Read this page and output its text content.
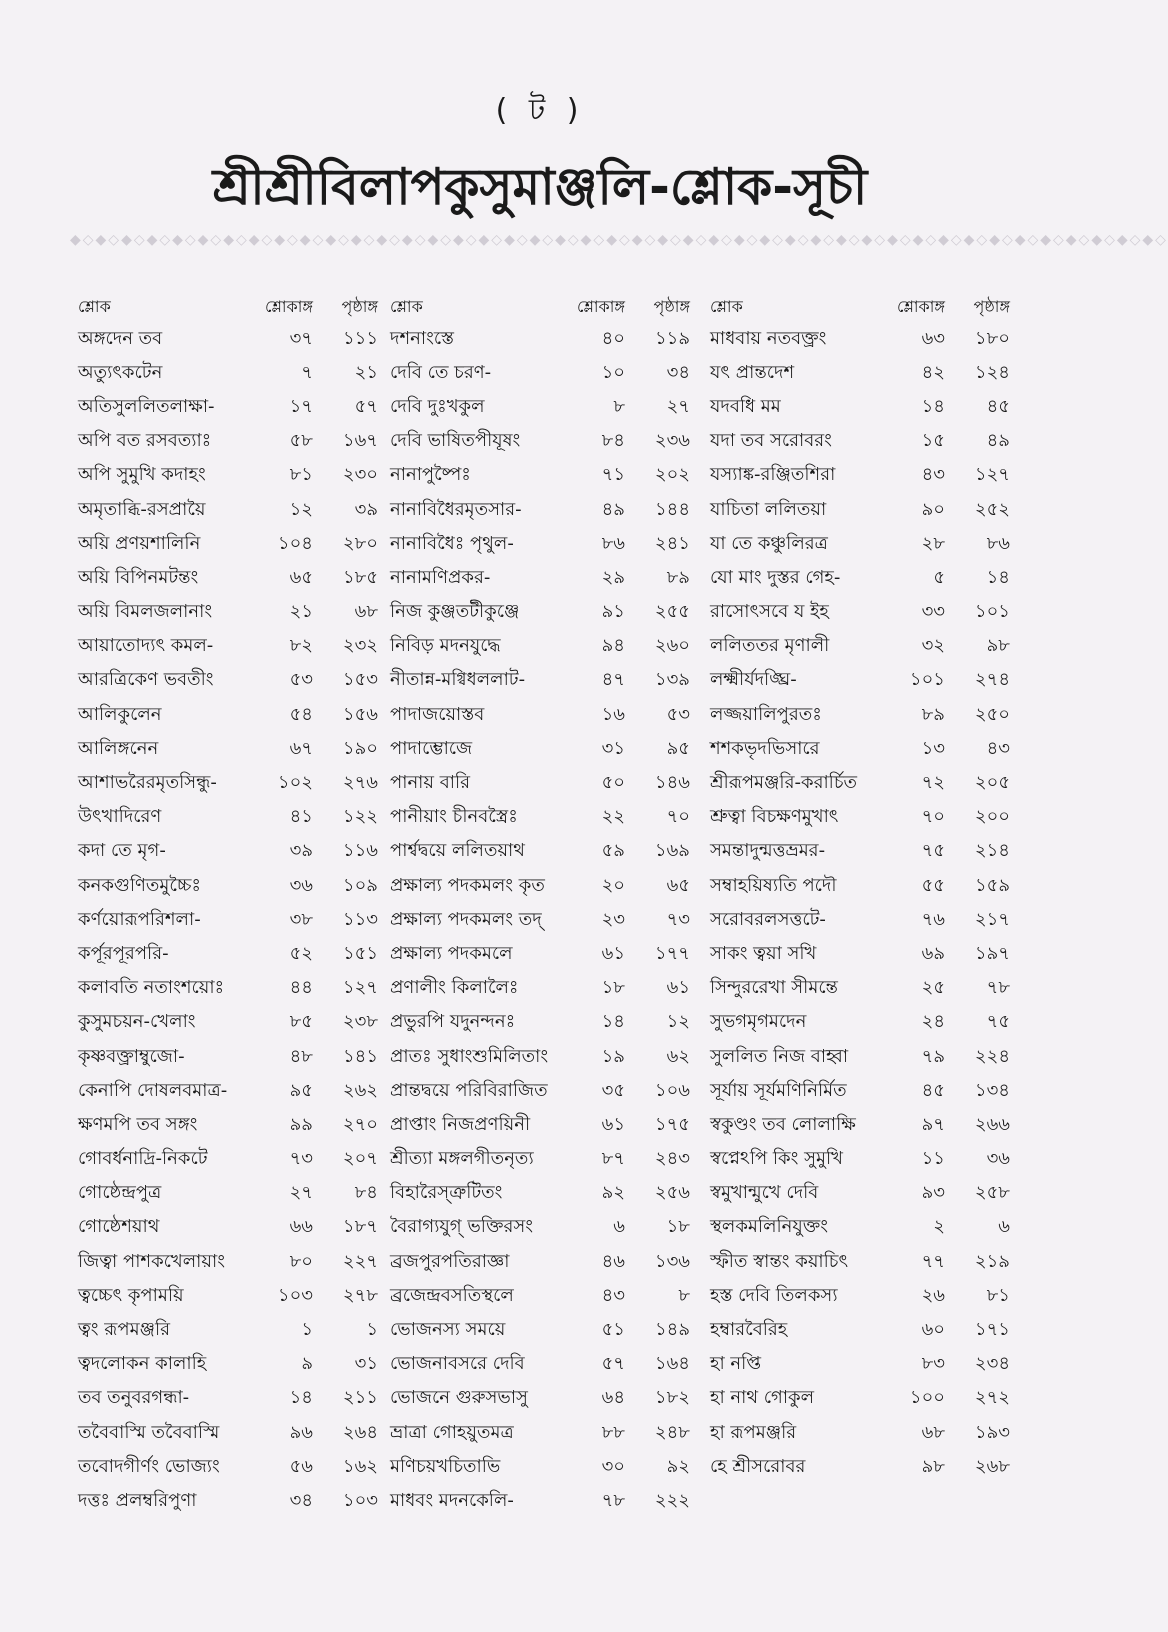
( ট )
শ্রীশ্রীবিলাপকুসুমাঞ্জলি-শ্লোক-সূচী
◆◇◆◇◆◇◆◇◆◇◆◇◆◇◆◇◆◇◆◇◆◇◆◇◆◇◆◇◆◇◆◇◆◇◆◇◆◇◆◇◆◇◆◇◆◇◆◇◆◇◆◇◆◇◆◇◆◇◆◇◆◇◆◇◆◇◆◇◆◇◆◇◆◇◆◇◆◇◆◇◆◇◆◇◆◇
শ্লোক	শ্লোকাঙ্গ	পৃষ্ঠাঙ্গ
অঙ্গদেন তব	৩৭	১১১
অত্যুৎকটেন	৭	২১
অতিসুললিতলাক্ষা-	১৭	৫৭
অপি বত রসবত্যাঃ	৫৮	১৬৭
অপি সুমুখি কদাহং	৮১	২৩০
অমৃতাব্ধি-রসপ্রায়ৈ	১২	৩৯
অয়ি প্রণয়শালিনি	১০৪	২৮০
অয়ি বিপিনমটন্তং	৬৫	১৮৫
অয়ি বিমলজলানাং	২১	৬৮
আয়াতোদ্যৎ কমল-	৮২	২৩২
আরত্রিকেণ ভবতীং	৫৩	১৫৩
আলিকুলেন	৫৪	১৫৬
আলিঙ্গনেন	৬৭	১৯০
আশাভরৈরমৃতসিন্ধু-	১০২	২৭৬
উৎখাদিরেণ	৪১	১২২
কদা তে মৃগ-	৩৯	১১৬
কনকগুণিতমুচ্চৈঃ	৩৬	১০৯
কর্ণয়োরূপরিশলা-	৩৮	১১৩
কর্পূরপূরপরি-	৫২	১৫১
কলাবতি নতাংশয়োঃ	৪৪	১২৭
কুসুমচয়ন-খেলাং	৮৫	২৩৮
কৃষ্ণবক্ত্রাম্বুজো-	৪৮	১৪১
কেনাপি দোষলবমাত্র-	৯৫	২৬২
ক্ষণমপি তব সঙ্গং	৯৯	২৭০
গোবর্ধনাদ্রি-নিকটে	৭৩	২০৭
গোষ্ঠেন্দ্রপুত্র	২৭	৮৪
গোষ্ঠেশয়াথ	৬৬	১৮৭
জিত্বা পাশকখেলায়াং	৮০	২২৭
ত্বচ্চেৎ কৃপাময়ি	১০৩	২৭৮
ত্বং রূপমঞ্জরি	১	১
ত্বদলোকন কালাহি	৯	৩১
তব তনুবরগন্ধা-	১৪	২১১
তবৈবাস্মি তবৈবাস্মি	৯৬	২৬৪
তবোদগীর্ণং ভোজ্যং	৫৬	১৬২
দত্তঃ প্রলম্বরিপুণা	৩৪	১০৩
শ্লোক	শ্লোকাঙ্গ	পৃষ্ঠাঙ্গ
দশনাংস্তে	৪০	১১৯
দেবি তে চরণ-	১০	৩৪
দেবি দুঃখকুল	৮	২৭
দেবি ভাষিতপীযূষং	৮৪	২৩৬
নানাপুষ্পৈঃ	৭১	২০২
নানাবিধৈরমৃতসার-	৪৯	১৪৪
নানাবিধৈঃ পৃথুল-	৮৬	২৪১
নানামণিপ্রকর-	২৯	৮৯
নিজ কুঞ্জতটীকুঞ্জে	৯১	২৫৫
নিবিড় মদনযুদ্ধে	৯৪	২৬০
নীতান্ন-মগ্বিধললাট-	৪৭	১৩৯
পাদাজয়োস্তব	১৬	৫৩
পাদাম্ভোজে	৩১	৯৫
পানায় বারি	৫০	১৪৬
পানীয়াং চীনবস্ত্রৈঃ	২২	৭০
পার্শ্বদ্বয়ে ললিতয়াথ	৫৯	১৬৯
প্রক্ষাল্য পদকমলং কৃত	২০	৬৫
প্রক্ষাল্য পদকমলং তদ্	২৩	৭৩
প্রক্ষাল্য পদকমলে	৬১	১৭৭
প্রণালীং কিলালৈঃ	১৮	৬১
প্রভুরপি যদুনন্দনঃ	১৪	১২
প্রাতঃ সুধাংশুমিলিতাং	১৯	৬২
প্রান্তদ্বয়ে পরিবিরাজিত	৩৫	১০৬
প্রাপ্তাং নিজপ্রণয়িনী	৬১	১৭৫
শ্রীত্যা মঙ্গলগীতনৃত্য	৮৭	২৪৩
বিহারৈস্ত্রুটিতং	৯২	২৫৬
বৈরাগ্যযুগ্ ভক্তিরসং	৬	১৮
ব্রজপুরপতিরাজ্ঞা	৪৬	১৩৬
ব্রজেন্দ্রবসতিস্থলে	৪৩	৮
ভোজনস্য সময়ে	৫১	১৪৯
ভোজনাবসরে দেবি	৫৭	১৬৪
ভোজনে গুরুসভাসু	৬৪	১৮২
ভ্রাত্রা গোহয়ুতমত্র	৮৮	২৪৮
মণিচয়খচিতাভি	৩০	৯২
মাধবং মদনকেলি-	৭৮	২২২
শ্লোক	শ্লোকাঙ্গ	পৃষ্ঠাঙ্গ
মাধবায় নতবক্ত্রং	৬৩	১৮০
যৎ প্রান্তদেশ	৪২	১২৪
যদবধি মম	১৪	৪৫
যদা তব সরোবরং	১৫	৪৯
যস্যাঙ্ক-রঞ্জিতশিরা	৪৩	১২৭
যাচিতা ললিতয়া	৯০	২৫২
যা তে কঞ্চুলিরত্র	২৮	৮৬
যো মাং দুস্তর গেহ-	৫	১৪
রাসোৎসবে য ইহ	৩৩	১০১
ললিততর মৃণালী	৩২	৯৮
লক্ষ্মীর্যদঙ্ঘ্রি-	১০১	২৭৪
লজ্জয়ালিপুরতঃ	৮৯	২৫০
শশকভৃদভিসারে	১৩	৪৩
শ্রীরূপমঞ্জরি-করার্চিত	৭২	২০৫
শ্রুত্বা বিচক্ষণমুখাৎ	৭০	২০০
সমন্তাদুন্মত্তভ্রমর-	৭৫	২১৪
সম্বাহয়িষ্যতি পদৌ	৫৫	১৫৯
সরোবরলসত্তটে-	৭৬	২১৭
সাকং ত্বয়া সখি	৬৯	১৯৭
সিন্দুররেখা সীমন্তে	২৫	৭৮
সুভগমৃগমদেন	২৪	৭৫
সুললিত নিজ বাহ্বা	৭৯	২২৪
সূর্যায় সূর্যমণিনির্মিত	৪৫	১৩৪
স্বকুণ্ডং তব লোলাক্ষি	৯৭	২৬৬
স্বপ্নেঽপি কিং সুমুখি	১১	৩৬
স্বমুখান্মুখে দেবি	৯৩	২৫৮
স্থলকমলিনিযুক্তং	২	৬
স্ফীত স্বান্তং কয়াচিৎ	৭৭	২১৯
হস্ত দেবি তিলকস্য	২৬	৮১
হম্বারবৈরিহ	৬০	১৭১
হা নপ্তি	৮৩	২৩৪
হা নাথ গোকুল	১০০	২৭২
হা রূপমঞ্জরি	৬৮	১৯৩
হে শ্রীসরোবর	৯৮	২৬৮
